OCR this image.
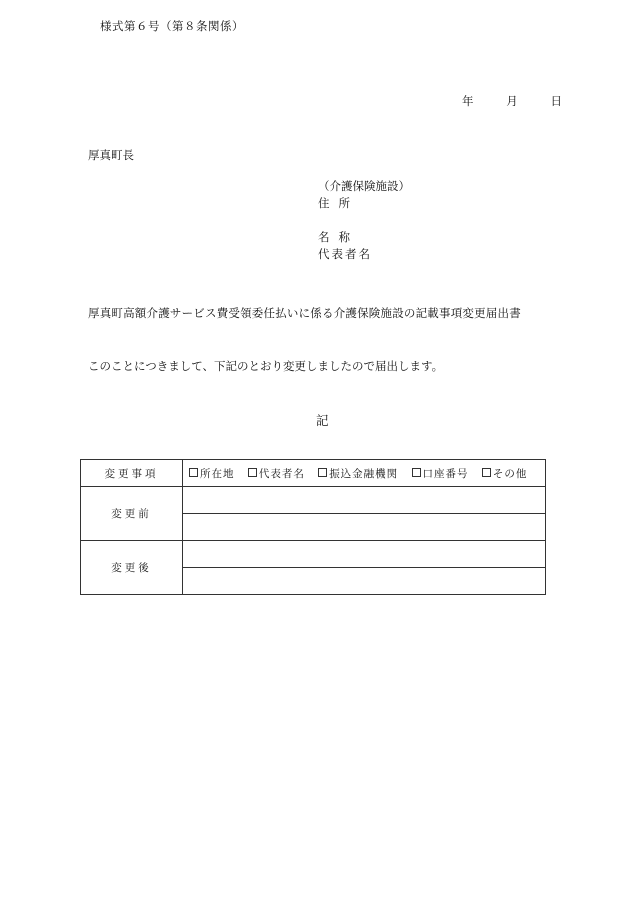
様式第６号（第８条関係）
年	月	日
厚真町長
（介護保険施設）
住所
名称
代表者名
厚真町高額介護サービス費受領委任払いに係る介護保険施設の記載事項変更届出書
このことにつきまして、下記のとおり変更しましたので届出します。
記
変更事項	所在地 代表者名 振込金融機関 口座番号 その他
変更前	

変更後	
